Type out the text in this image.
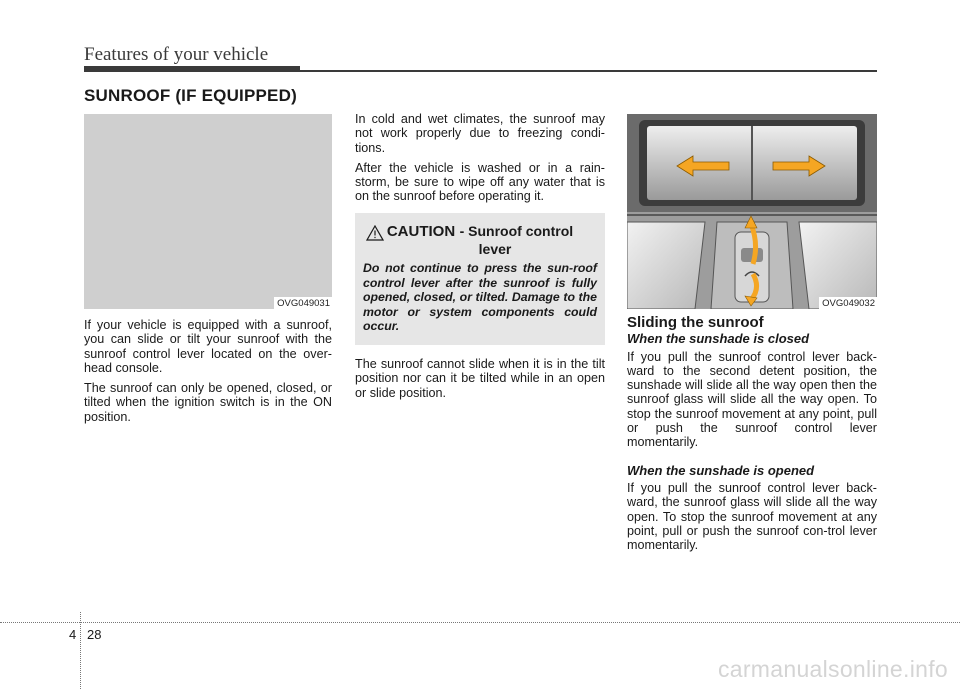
Features of your vehicle
SUNROOF (IF EQUIPPED)
OVG049031

If your vehicle is equipped with a sunroof, you can slide or tilt your sunroof with the sunroof control lever located on the over-head console.

The sunroof can only be opened, closed, or tilted when the ignition switch is in the ON position.

In cold and wet climates, the sunroof may not work properly due to freezing condi-tions.

After the vehicle is washed or in a rain-storm, be sure to wipe off any water that is on the sunroof before operating it.

CAUTION - Sunroof control
lever
Do not continue to press the sun-roof control lever after the sunroof is fully opened, closed, or tilted. Damage to the motor or system components could occur.

The sunroof cannot slide when it is in the tilt position nor can it be tilted while in an open or slide position.

OVG049032
Sliding the sunroof
When the sunshade is closed

If you pull the sunroof control lever back-ward to the second detent position, the sunshade will slide all the way open then the sunroof glass will slide all the way open. To stop the sunroof movement at any point, pull or push the sunroof control lever momentarily.

When the sunshade is opened

If you pull the sunroof control lever back-ward, the sunroof glass will slide all the way open. To stop the sunroof movement at any point, pull or push the sunroof con-trol lever momentarily.

4 28
carmanualsonline.info
